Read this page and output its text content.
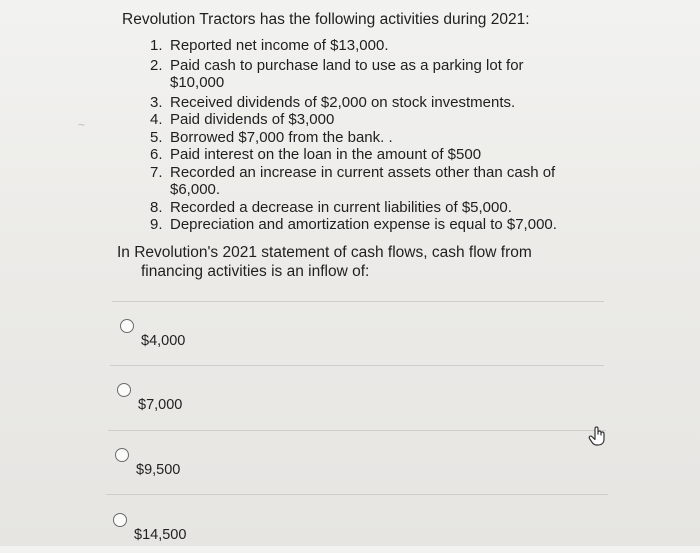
~

Revolution Tractors has the following activities during 2021:

1. Reported net income of $13,000.
2. Paid cash to purchase land to use as a parking lot for $10,000
3. Received dividends of $2,000 on stock investments.
4. Paid dividends of $3,000
5. Borrowed $7,000 from the bank. .
6. Paid interest on the loan in the amount of $500
7. Recorded an increase in current assets other than cash of $6,000.
8. Recorded a decrease in current liabilities of $5,000.
9. Depreciation and amortization expense is equal to $7,000.

In Revolution's 2021 statement of cash flows, cash flow from
financing activities is an inflow of:

$4,000
$7,000
$9,500
$14,500
